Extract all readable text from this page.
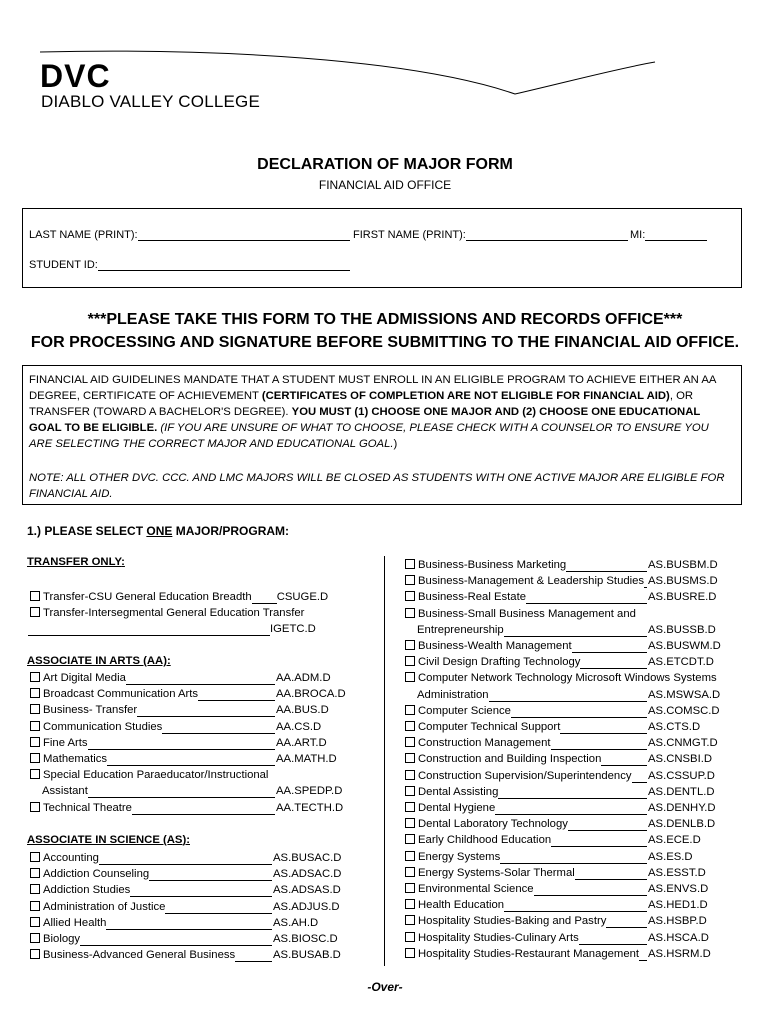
DVC
DIABLO VALLEY COLLEGE
DECLARATION OF MAJOR FORM
FINANCIAL AID OFFICE
LAST NAME (PRINT):	FIRST NAME (PRINT):	MI:
STUDENT ID:
***PLEASE TAKE THIS FORM TO THE ADMISSIONS AND RECORDS OFFICE***
FOR PROCESSING AND SIGNATURE BEFORE SUBMITTING TO THE FINANCIAL AID OFFICE.
FINANCIAL AID GUIDELINES MANDATE THAT A STUDENT MUST ENROLL IN AN ELIGIBLE PROGRAM TO ACHIEVE EITHER AN AA DEGREE, CERTIFICATE OF ACHIEVEMENT (CERTIFICATES OF COMPLETION ARE NOT ELIGIBLE FOR FINANCIAL AID), OR TRANSFER (TOWARD A BACHELOR'S DEGREE). YOU MUST (1) CHOOSE ONE MAJOR AND (2) CHOOSE ONE EDUCATIONAL GOAL TO BE ELIGIBLE. (IF YOU ARE UNSURE OF WHAT TO CHOOSE, PLEASE CHECK WITH A COUNSELOR TO ENSURE YOU ARE SELECTING THE CORRECT MAJOR AND EDUCATIONAL GOAL.)
NOTE: ALL OTHER DVC. CCC. AND LMC MAJORS WILL BE CLOSED AS STUDENTS WITH ONE ACTIVE MAJOR ARE ELIGIBLE FOR FINANCIAL AID.
1.) PLEASE SELECT ONE MAJOR/PROGRAM:
TRANSFER ONLY:
Transfer-CSU General Education Breadth CSUGE.D
Transfer-Intersegmental General Education Transfer
IGETC.D
ASSOCIATE IN ARTS (AA):
Art Digital Media	AA.ADM.D
Broadcast Communication Arts	AA.BROCA.D
Business- Transfer	AA.BUS.D
Communication Studies	AA.CS.D
Fine Arts	AA.ART.D
Mathematics	AA.MATH.D
Special Education Paraeducator/Instructional
Assistant	AA.SPEDP.D
Technical Theatre	AA.TECTH.D
ASSOCIATE IN SCIENCE (AS):
Accounting	AS.BUSAC.D
Addiction Counseling	AS.ADSAC.D
Addiction Studies	AS.ADSAS.D
Administration of Justice	AS.ADJUS.D
Allied Health	AS.AH.D
Biology	AS.BIOSC.D
Business-Advanced General Business	AS.BUSAB.D
Business-Business Marketing	AS.BUSBM.D
Business-Management & Leadership Studies AS.BUSMS.D
Business-Real Estate	AS.BUSRE.D
Business-Small Business Management and
Entrepreneurship	AS.BUSSB.D
Business-Wealth Management	AS.BUSWM.D
Civil Design Drafting Technology	AS.ETCDT.D
Computer Network Technology Microsoft Windows Systems
Administration	AS.MSWSA.D
Computer Science	AS.COMSC.D
Computer Technical Support	AS.CTS.D
Construction Management	AS.CNMGT.D
Construction and Building Inspection	AS.CNSBI.D
Construction Supervision/Superintendency	AS.CSSUP.D
Dental Assisting	AS.DENTL.D
Dental Hygiene	AS.DENHY.D
Dental Laboratory Technology	AS.DENLB.D
Early Childhood Education	AS.ECE.D
Energy Systems	AS.ES.D
Energy Systems-Solar Thermal	AS.ESST.D
Environmental Science	AS.ENVS.D
Health Education	AS.HED1.D
Hospitality Studies-Baking and Pastry	AS.HSBP.D
Hospitality Studies-Culinary Arts	AS.HSCA.D
Hospitality Studies-Restaurant Management AS.HSRM.D
-Over-
